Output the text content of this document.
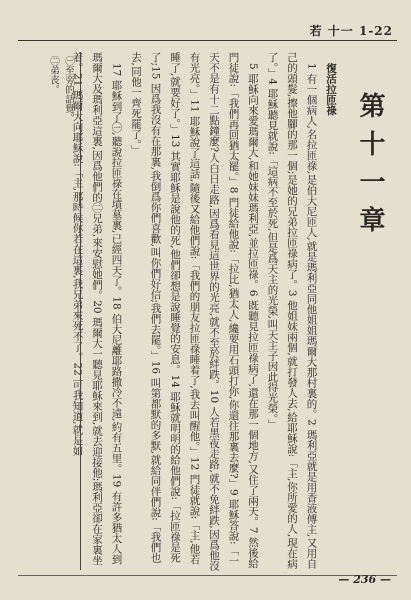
若 十一 1-22
第十一章

復活拉匝祿

1 有一個病人,名拉匝祿,是伯大尼匝人,就是瑪利亞同他姐姐瑪爾大那村裏的。2 瑪利亞就是用香液傅主,又用自己的頭髮,擦他腳的那一個;是她的兄弟拉匝祿病了。3 他姐妹兩個,就打發人去,給耶穌說:「主,你所愛的人,現在病了。」4 耶穌聽見就說:「這病不至於死,但是爲天主的光榮,叫天主子因此得光榮。」

5 耶穌向來愛瑪爾大,和她妹妹瑪利亞,並拉匝祿。6 既聽見拉匝祿病了,還在那一個地方,又住了兩天。7 然後給門徒說:「我們再回猶太罷。」8 門徒給他說:「拉比,猶太人,纔要用石頭打你,你還往那裏去麼?」9 耶穌答說:「一天不是有十二點鐘麼?人白日走路,因爲看見這世界的光亮,就不至於絆跌。10 人若黑夜走路,就不免絆跌,因爲他沒有光亮。」11 耶穌說了這話,隨後又給他們說:「我們的朋友拉匝祿睡着了,我去叫醒他。」12 門徒就說:「主,他若睡了,就要好了。」13 其實耶穌是說他的死,他們卻想是說睡覺的安息。14 耶穌就明明的給他們說:「拉匝祿是死了;15 因爲我沒有在那裏,我倒爲你們喜歡,叫你們好信;我們去罷。」16 叫第都默的多默,就給同伴們說:「我們也去,同他一齊死罷了。」

17 耶穌到了㊀,聽說拉匝祿在墳墓裏,已經四天了。18 伯大尼離耶路撒冷不遠,約有五里。19 有許多猶太人到瑪爾大及瑪利亞這裏,因爲他們的㊁兄弟,來安慰她們。20 瑪爾大一聽見耶穌來到,就去迎接他;瑪利亞卻在家裏坐着。21 瑪爾大向耶穌說:「主,那時候你若在這裏,我兄弟來死不了。22 可我知道,就是如

㊀至旁的話覺。
㊁弟丧。
— 236 —
